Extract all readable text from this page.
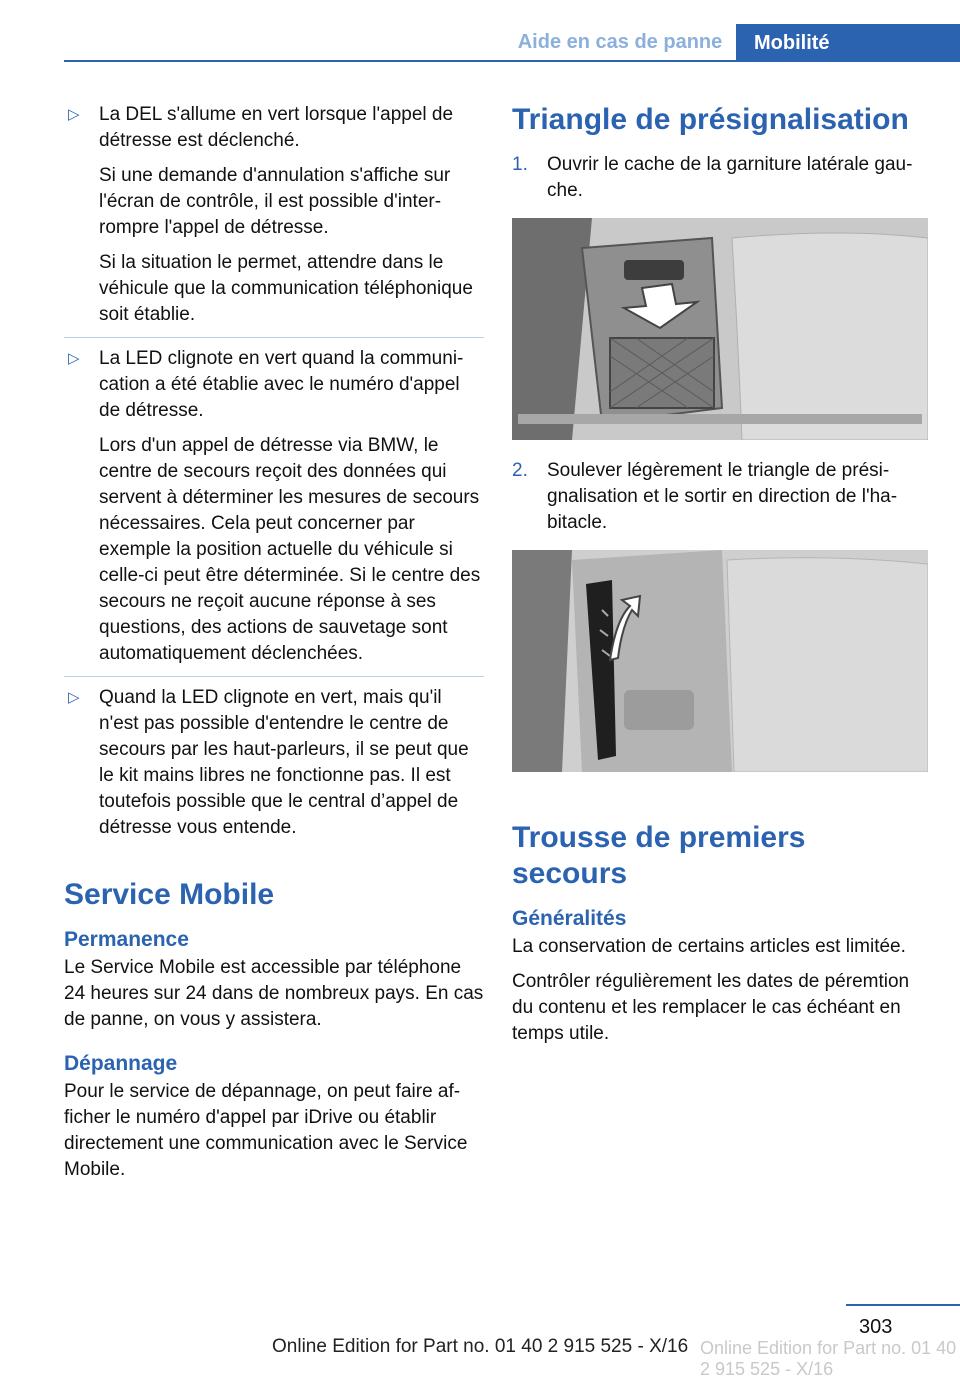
Aide en cas de panne	Mobilité
▷ La DEL s'allume en vert lorsque l'appel de détresse est déclenché.

Si une demande d'annulation s'affiche sur l'écran de contrôle, il est possible d'interrompre l'appel de détresse.

Si la situation le permet, attendre dans le véhicule que la communication téléphonique soit établie.

▷ La LED clignote en vert quand la communication a été établie avec le numéro d'appel de détresse.

Lors d'un appel de détresse via BMW, le centre de secours reçoit des données qui servent à déterminer les mesures de secours nécessaires. Cela peut concerner par exemple la position actuelle du véhicule si celle-ci peut être déterminée. Si le centre des secours ne reçoit aucune réponse à ses questions, des actions de sauvetage sont automatiquement déclenchées.

▷ Quand la LED clignote en vert, mais qu'il n'est pas possible d'entendre le centre de secours par les haut-parleurs, il se peut que le kit mains libres ne fonctionne pas. Il est toutefois possible que le central d’appel de détresse vous entende.

Service Mobile
Permanence

Le Service Mobile est accessible par téléphone 24 heures sur 24 dans de nombreux pays. En cas de panne, on vous y assistera.

Dépannage

Pour le service de dépannage, on peut faire afficher le numéro d'appel par iDrive ou établir directement une communication avec le Service Mobile.

Triangle de présignalisation
1. Ouvrir le cache de la garniture latérale gauche.

2. Soulever légèrement le triangle de présignalisation et le sortir en direction de l'habitacle.

Trousse de premiers secours
Généralités

La conservation de certains articles est limitée.

Contrôler régulièrement les dates de péremtion du contenu et les remplacer le cas échéant en temps utile.

303
Online Edition for Part no. 01 40 2 915 525 - X/16 Online Edition for Part no. 01 40 2 915 525 - X/16
